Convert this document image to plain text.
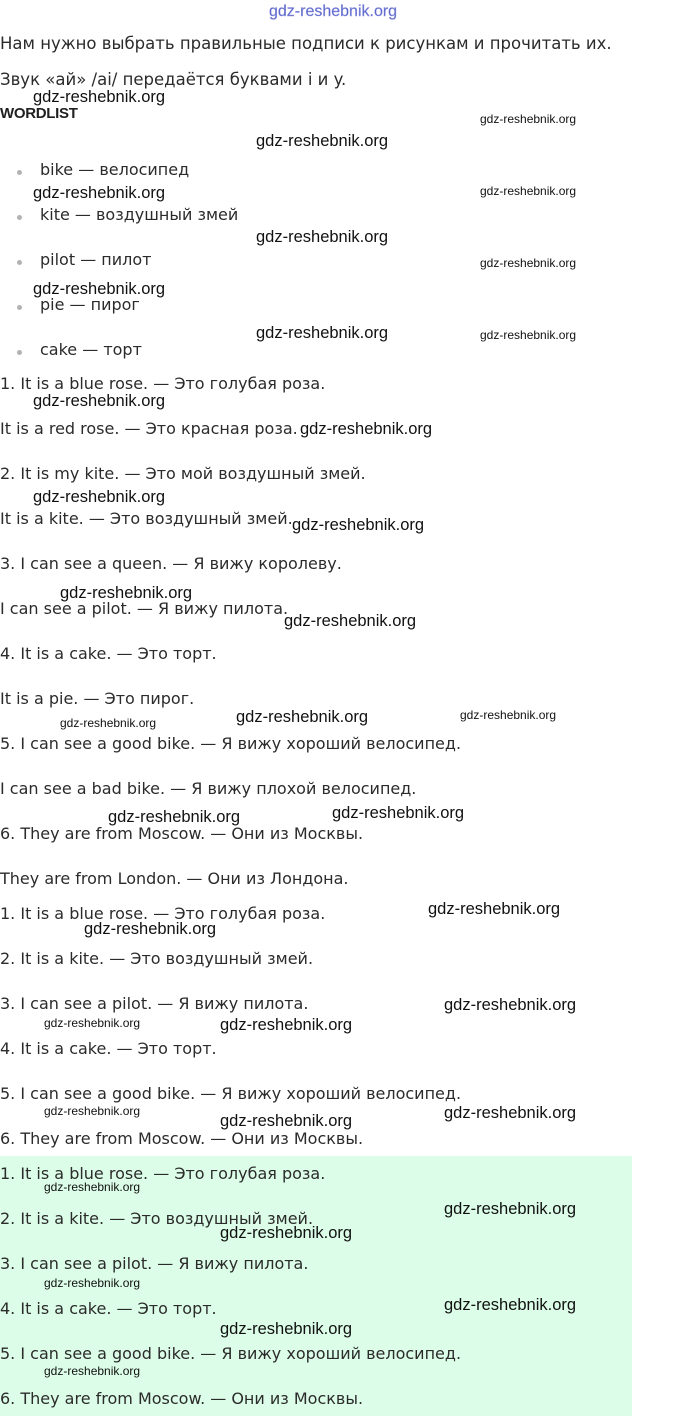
gdz-reshebnik.org
Нам нужно выбрать правильные подписи к рисункам и прочитать их.
Звук «ай» /ai/ передаётся буквами i и y.
WORDLIST
bike — велосипед
kite — воздушный змей
pilot — пилот
pie — пирог
cake — торт
1. It is a blue rose. — Это голубая роза.
It is a red rose. — Это красная роза.
2. It is my kite. — Это мой воздушный змей.
It is a kite. — Это воздушный змей.
3. I can see a queen. — Я вижу королеву.
I can see a pilot. — Я вижу пилота.
4. It is a cake. — Это торт.
It is a pie. — Это пирог.
5. I can see a good bike. — Я вижу хороший велосипед.
I can see a bad bike. — Я вижу плохой велосипед.
6. They are from Moscow. — Они из Москвы.
They are from London. — Они из Лондона.
1. It is a blue rose. — Это голубая роза.
2. It is a kite. — Это воздушный змей.
3. I can see a pilot. — Я вижу пилота.
4. It is a cake. — Это торт.
5. I can see a good bike. — Я вижу хороший велосипед.
6. They are from Moscow. — Они из Москвы.
1. It is a blue rose. — Это голубая роза.
2. It is a kite. — Это воздушный змей.
3. I can see a pilot. — Я вижу пилота.
4. It is a cake. — Это торт.
5. I can see a good bike. — Я вижу хороший велосипед.
6. They are from Moscow. — Они из Москвы.
gdz-reshebnik.org
gdz-reshebnik.org
gdz-reshebnik.org
gdz-reshebnik.org	gdz-reshebnik.org
gdz-reshebnik.org
gdz-reshebnik.org
gdz-reshebnik.org
gdz-reshebnik.org	gdz-reshebnik.org
gdz-reshebnik.org
gdz-reshebnik.org
gdz-reshebnik.org
gdz-reshebnik.org
gdz-reshebnik.org
gdz-reshebnik.org
gdz-reshebnik.org
gdz-reshebnik.org
gdz-reshebnik.org
gdz-reshebnik.org
gdz-reshebnik.org
gdz-reshebnik.org
gdz-reshebnik.org
gdz-reshebnik.org
gdz-reshebnik.org	gdz-reshebnik.org
gdz-reshebnik.org	gdz-reshebnik.org
gdz-reshebnik.org
gdz-reshebnik.org
gdz-reshebnik.org
gdz-reshebnik.org
gdz-reshebnik.org
gdz-reshebnik.org
gdz-reshebnik.org
gdz-reshebnik.org
